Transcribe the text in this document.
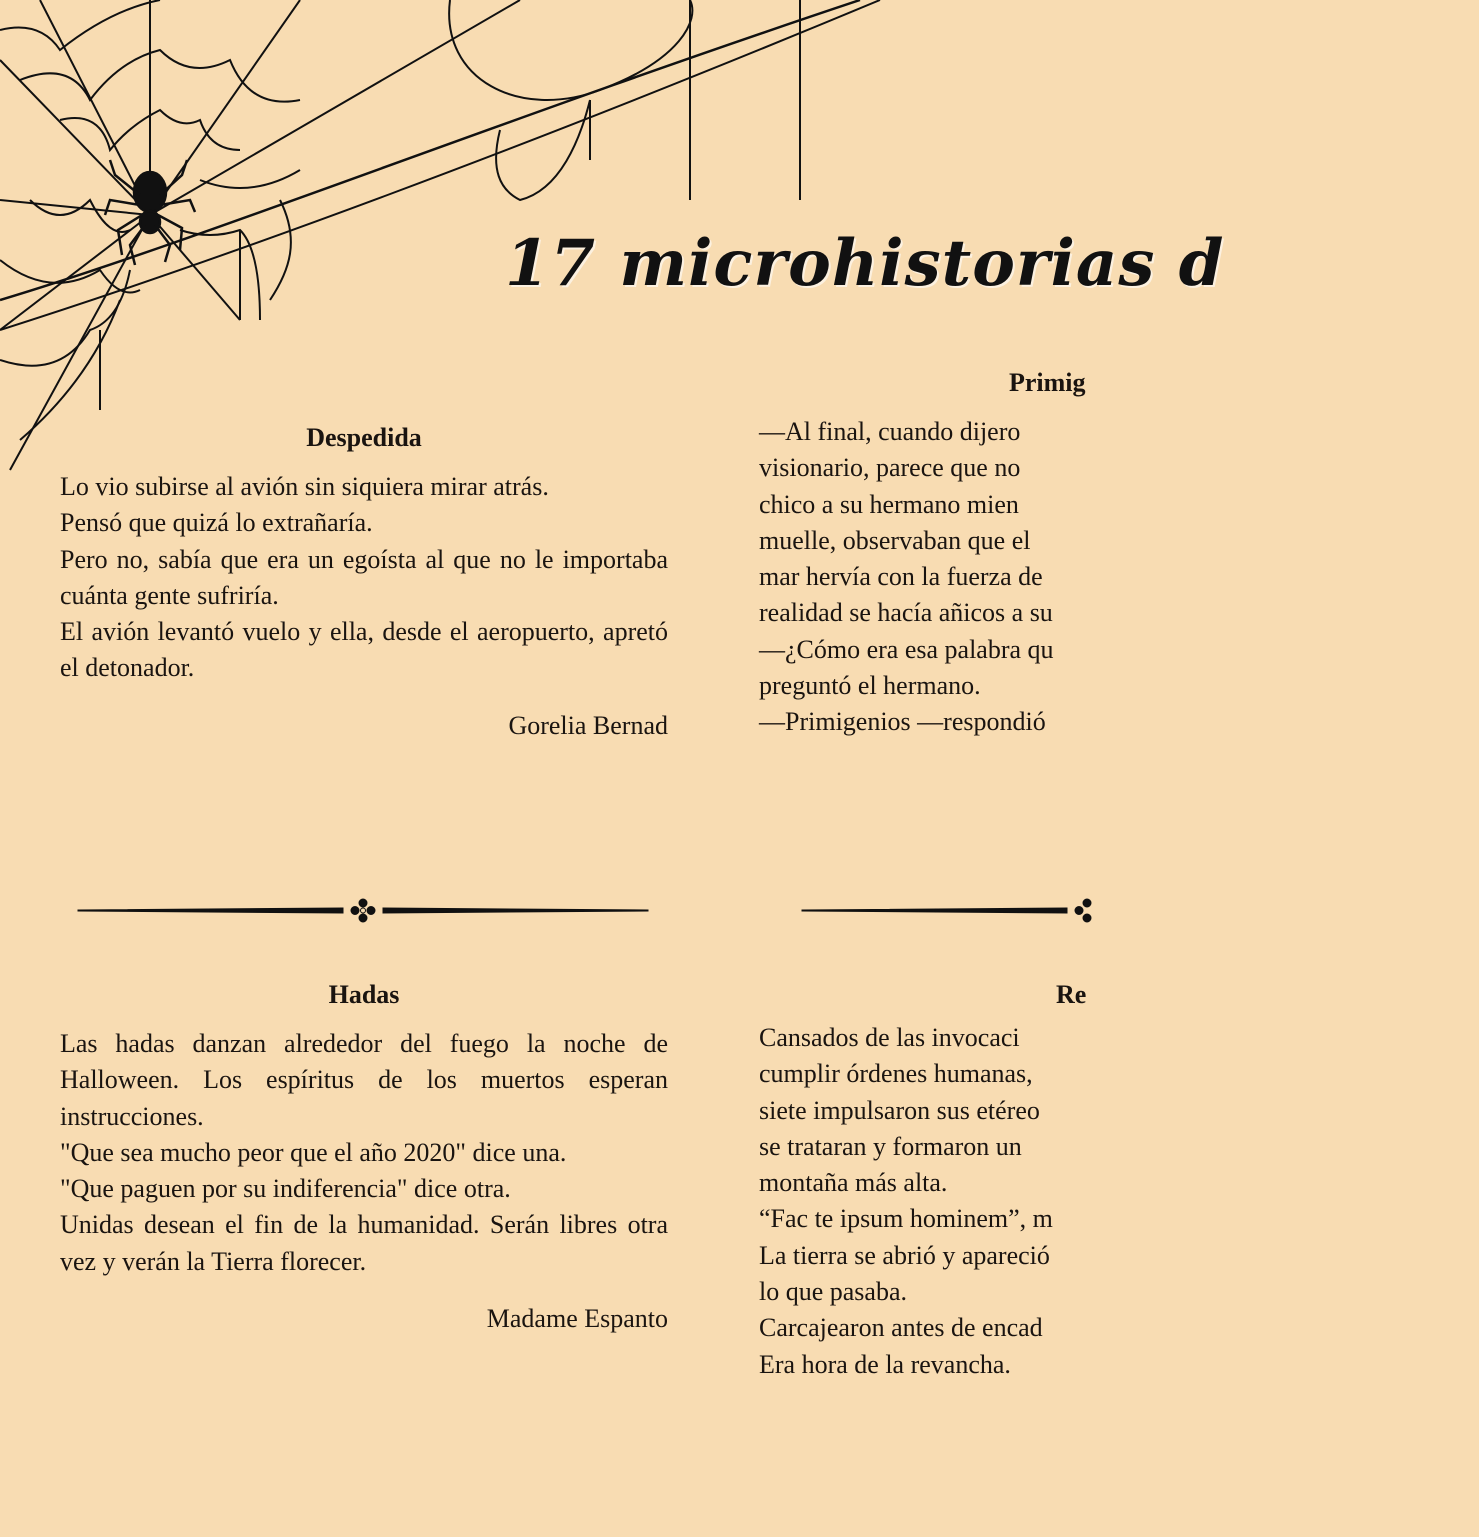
17 microhistorias d
Despedida

Lo vio subirse al avión sin siquiera mirar atrás.

Pensó que quizá lo extrañaría.

Pero no, sabía que era un egoísta al que no le importaba cuánta gente sufriría.

El avión levantó vuelo y ella, desde el aeropuerto, apretó el detonador.

Gorelia Bernad
Primig

—Al final, cuando dijero

visionario, parece que no

chico a su hermano mien

muelle, observaban que el

mar hervía con la fuerza de

realidad se hacía añicos a su

—¿Cómo era esa palabra qu

preguntó el hermano.

—Primigenios —respondió

Hadas

Las hadas danzan alrededor del fuego la noche de Halloween. Los espíritus de los muertos esperan instrucciones.

"Que sea mucho peor que el año 2020" dice una.

"Que paguen por su indiferencia" dice otra.

Unidas desean el fin de la humanidad. Serán libres otra vez y verán la Tierra florecer.

Madame Espanto
Re

Cansados de las invocaci

cumplir órdenes humanas,

siete impulsaron sus etéreo

se trataran y formaron un

montaña más alta.

“Fac te ipsum hominem”, m

La tierra se abrió y apareció

lo que pasaba.

Carcajearon antes de encad

Era hora de la revancha.
